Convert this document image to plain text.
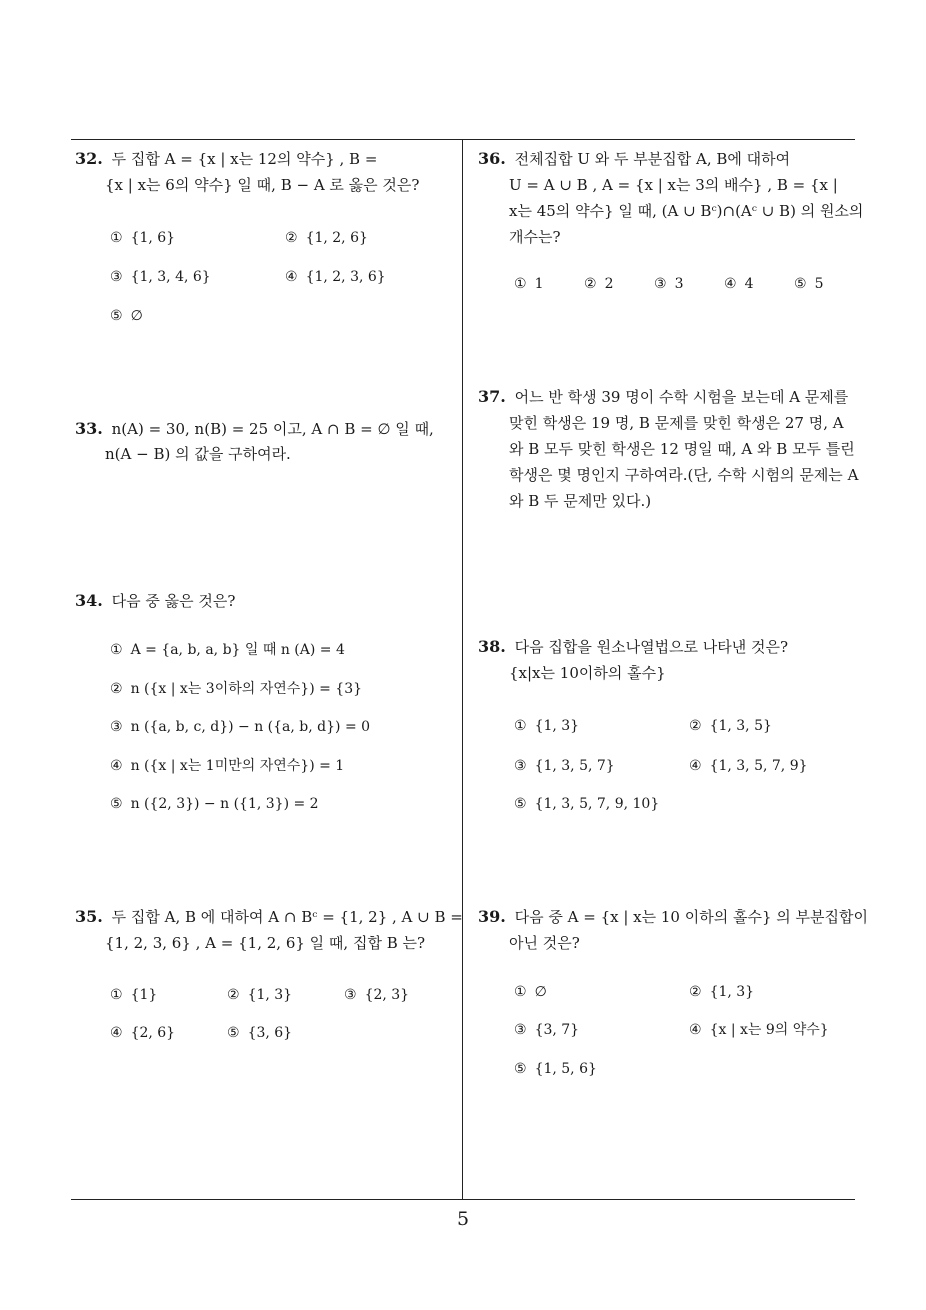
32. 두 집합 A = {x | x는 12의 약수} , B =
{x | x는 6의 약수} 일 때, B − A 로 옳은 것은?
① {1, 6}	② {1, 2, 6}
③ {1, 3, 4, 6}	④ {1, 2, 3, 6}
⑤ ∅
33. n(A) = 30, n(B) = 25 이고, A ∩ B = ∅ 일 때,
n(A − B) 의 값을 구하여라.
34. 다음 중 옳은 것은?
① A = {a, b, a, b} 일 때 n (A) = 4
② n ({x | x는 3이하의 자연수}) = {3}
③ n ({a, b, c, d}) − n ({a, b, d}) = 0
④ n ({x | x는 1미만의 자연수}) = 1
⑤ n ({2, 3}) − n ({1, 3}) = 2
35. 두 집합 A, B 에 대하여 A ∩ Bᶜ = {1, 2} , A ∪ B =
{1, 2, 3, 6} , A = {1, 2, 6} 일 때, 집합 B 는?
① {1}	② {1, 3}	③ {2, 3}
④ {2, 6}	⑤ {3, 6}
36. 전체집합 U 와 두 부분집합 A, B에 대하여
U = A ∪ B , A = {x | x는 3의 배수} , B = {x |
x는 45의 약수} 일 때, (A ∪ Bᶜ)∩(Aᶜ ∪ B) 의 원소의
개수는?
① 1	② 2	③ 3	④ 4	⑤ 5
37. 어느 반 학생 39 명이 수학 시험을 보는데 A 문제를
맞힌 학생은 19 명, B 문제를 맞힌 학생은 27 명, A
와 B 모두 맞힌 학생은 12 명일 때, A 와 B 모두 틀린
학생은 몇 명인지 구하여라.(단, 수학 시험의 문제는 A
와 B 두 문제만 있다.)
38. 다음 집합을 원소나열법으로 나타낸 것은?
{x|x는 10이하의 홀수}
① {1, 3}	② {1, 3, 5}
③ {1, 3, 5, 7}	④ {1, 3, 5, 7, 9}
⑤ {1, 3, 5, 7, 9, 10}
39. 다음 중 A = {x | x는 10 이하의 홀수} 의 부분집합이
아닌 것은?
① ∅	② {1, 3}
③ {3, 7}	④ {x | x는 9의 약수}
⑤ {1, 5, 6}
5
